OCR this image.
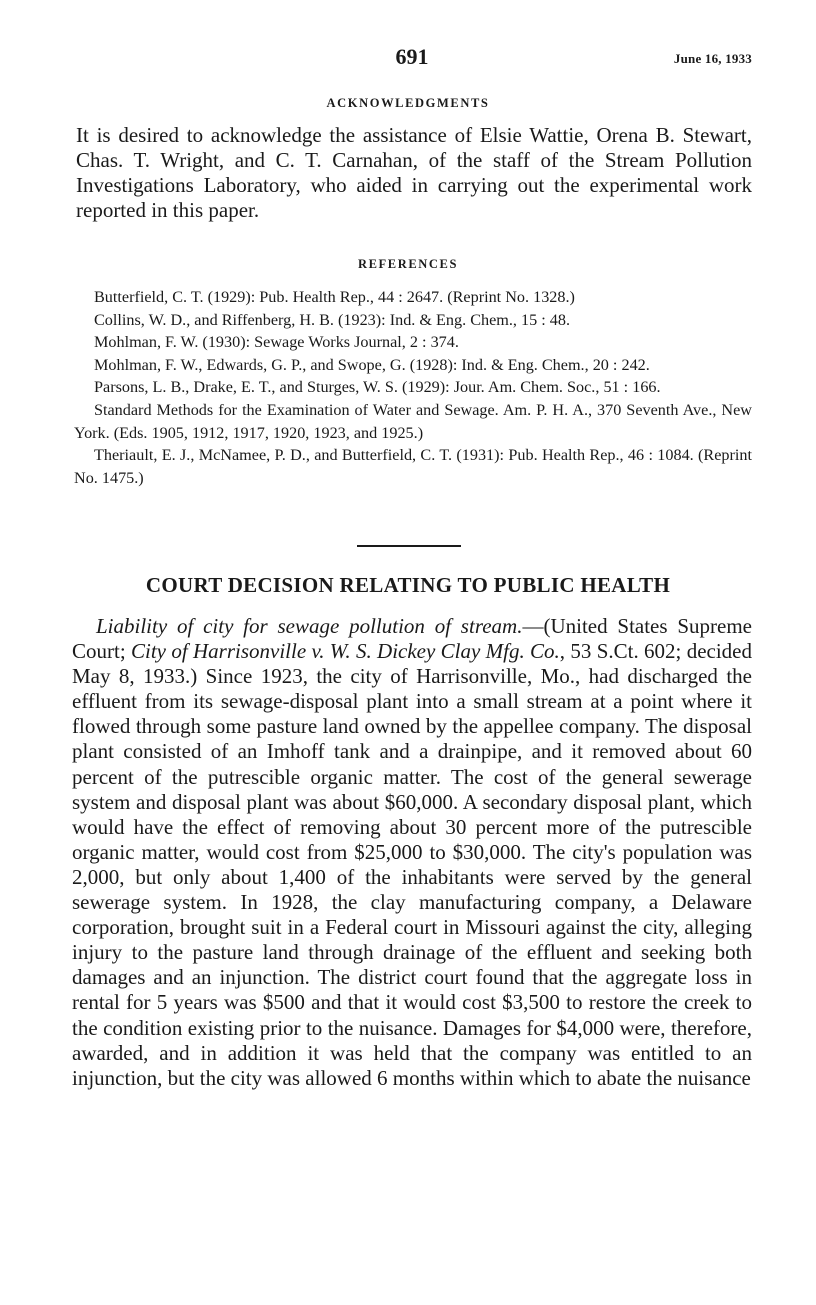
691	June 16, 1933
ACKNOWLEDGMENTS

It is desired to acknowledge the assistance of Elsie Wattie, Orena B. Stewart, Chas. T. Wright, and C. T. Carnahan, of the staff of the Stream Pollution Investigations Laboratory, who aided in carrying out the experimental work reported in this paper.

REFERENCES
Butterfield, C. T. (1929): Pub. Health Rep., 44 : 2647. (Reprint No. 1328.)
Collins, W. D., and Riffenberg, H. B. (1923): Ind. & Eng. Chem., 15 : 48.
Mohlman, F. W. (1930): Sewage Works Journal, 2 : 374.
Mohlman, F. W., Edwards, G. P., and Swope, G. (1928): Ind. & Eng. Chem., 20 : 242.
Parsons, L. B., Drake, E. T., and Sturges, W. S. (1929): Jour. Am. Chem. Soc., 51 : 166.
Standard Methods for the Examination of Water and Sewage. Am. P. H. A., 370 Seventh Ave., New York. (Eds. 1905, 1912, 1917, 1920, 1923, and 1925.)
Theriault, E. J., McNamee, P. D., and Butterfield, C. T. (1931): Pub. Health Rep., 46 : 1084. (Reprint No. 1475.)
COURT DECISION RELATING TO PUBLIC HEALTH

Liability of city for sewage pollution of stream.—(United States Supreme Court; City of Harrisonville v. W. S. Dickey Clay Mfg. Co., 53 S.Ct. 602; decided May 8, 1933.) Since 1923, the city of Harrisonville, Mo., had discharged the effluent from its sewage-disposal plant into a small stream at a point where it flowed through some pasture land owned by the appellee company. The disposal plant consisted of an Imhoff tank and a drainpipe, and it removed about 60 percent of the putrescible organic matter. The cost of the general sewerage system and disposal plant was about $60,000. A secondary disposal plant, which would have the effect of removing about 30 percent more of the putrescible organic matter, would cost from $25,000 to $30,000. The city's population was 2,000, but only about 1,400 of the inhabitants were served by the general sewerage system. In 1928, the clay manufacturing company, a Delaware corporation, brought suit in a Federal court in Missouri against the city, alleging injury to the pasture land through drainage of the effluent and seeking both damages and an injunction. The district court found that the aggregate loss in rental for 5 years was $500 and that it would cost $3,500 to restore the creek to the condition existing prior to the nuisance. Damages for $4,000 were, therefore, awarded, and in addition it was held that the company was entitled to an injunction, but the city was allowed 6 months within which to abate the nuisance
